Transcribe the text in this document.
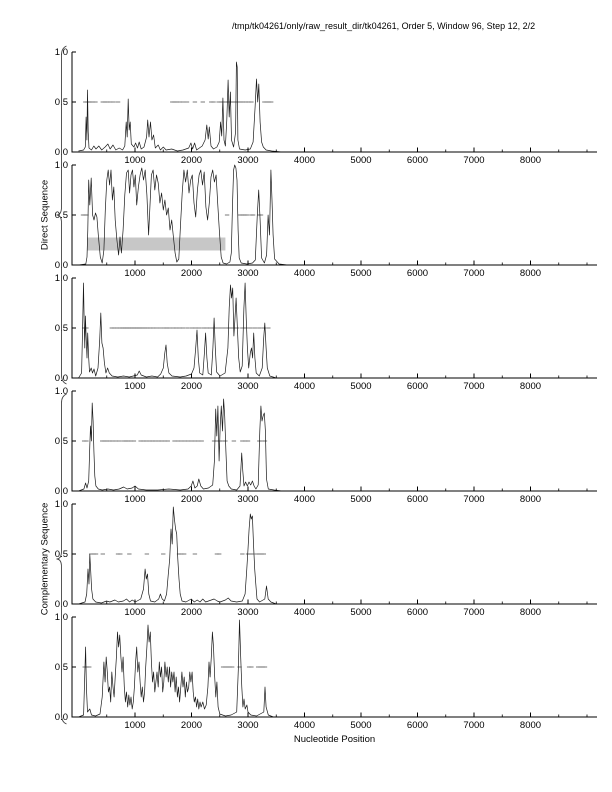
/tmp/tk04261/only/raw_result_dir/tk04261, Order 5, Window 96, Step 12, 2/2
Direct Sequence
Complementary Sequence
0.0
0.5
1.0
1000	2000	3000	4000	5000	6000	7000	8000
0.0
0.5
1.0
1000	2000	3000	4000	5000	6000	7000	8000
0.0
0.5
1.0
1000	2000	3000	4000	5000	6000	7000	8000
0.0
0.5
1.0
1000	2000	3000	4000	5000	6000	7000	8000
0.0
0.5
1.0
1000	2000	3000	4000	5000	6000	7000	8000
0.0
0.5
1.0
1000	2000	3000	4000	5000	6000	7000	8000
Nucleotide Position
